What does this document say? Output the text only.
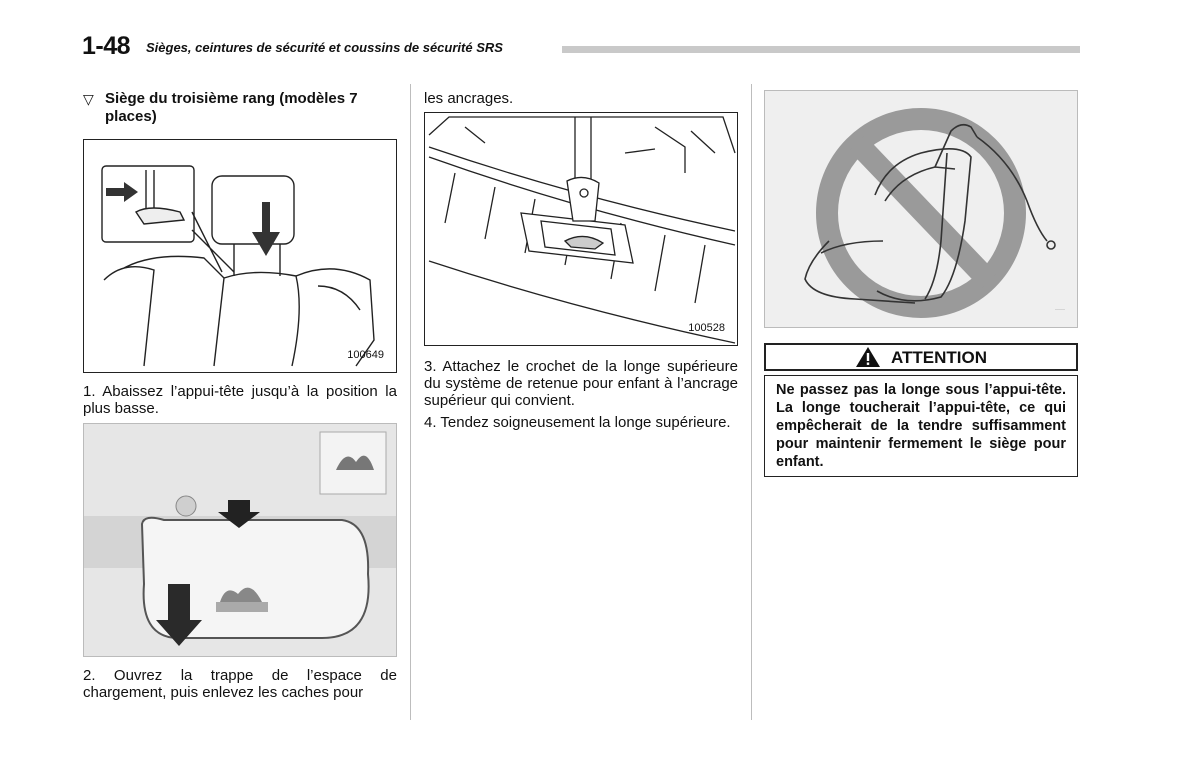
1-48 Sièges, ceintures de sécurité et coussins de sécurité SRS
▽ Siège du troisième rang (modèles 7 places)
100649
1. Abaissez l’appui-tête jusqu’à la position la plus basse.
2. Ouvrez la trappe de l’espace de chargement, puis enlevez les caches pour
les ancrages.
100528
3. Attachez le crochet de la longe supérieure du système de retenue pour enfant à l’ancrage supérieur qui convient.
4. Tendez soigneusement la longe supérieure.
·····
ATTENTION
Ne passez pas la longe sous l’appui-tête. La longe toucherait l’appui-tête, ce qui empêcherait de la tendre suffisamment pour maintenir fermement le siège pour enfant.
